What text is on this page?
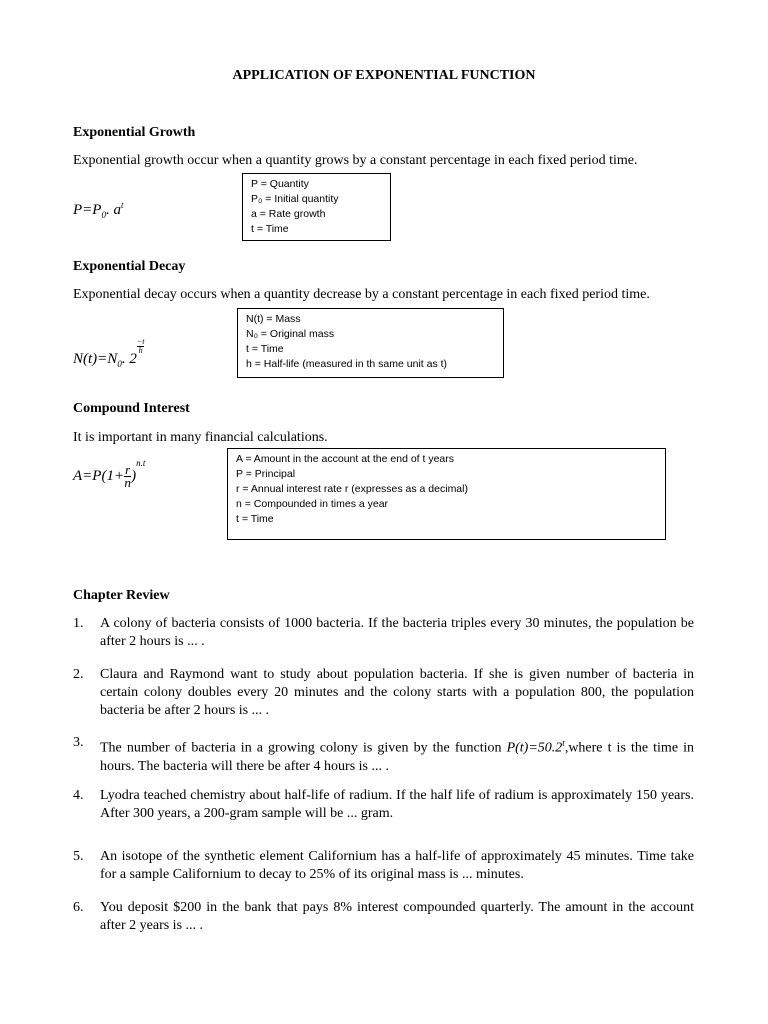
APPLICATION OF EXPONENTIAL FUNCTION
Exponential Growth
Exponential growth occur when a quantity grows by a constant percentage in each fixed period time.
$P=P_0$. $a^t$
P = Quantity
P₀ = Initial quantity
a = Rate growth
t = Time
Exponential Decay
Exponential decay occurs when a quantity decrease by a constant percentage in each fixed period time.
$N(t)=N_0$. 2
$\frac{-t}{h}$
N(t) = Mass
N₀ = Original mass
t = Time
h = Half-life (measured in th same unit as t)
Compound Interest
It is important in many financial calculations.
$A=P(1+ \frac{r}{n} )^{n.t}$	A = Amount in the account at the end of t years
P = Principal
r = Annual interest rate r (expresses as a decimal)
n = Compounded in times a year
t = Time
Chapter Review
1.	A colony of bacteria consists of 1000 bacteria. If the bacteria triples every 30 minutes, the population be after 2 hours is ... .
2.	Claura and Raymond want to study about population bacteria. If she is given number of bacteria in certain colony doubles every 20 minutes and the colony starts with a population 800, the population bacteria be after 2 hours is ... .
3.	The number of bacteria in a growing colony is given by the function $P(t)=50.2^t,where$ t is the time in hours. The bacteria will there be after 4 hours is ... .
4.	Lyodra teached chemistry about half-life of radium. If the half life of radium is approximately 150 years. After 300 years, a 200-gram sample will be ... gram.
5.	An isotope of the synthetic element Californium has a half-life of approximately 45 minutes. Time take for a sample Californium to decay to 25% of its original mass is ... minutes.
6.	You deposit $200 in the bank that pays 8% interest compounded quarterly. The amount in the account after 2 years is ... .
